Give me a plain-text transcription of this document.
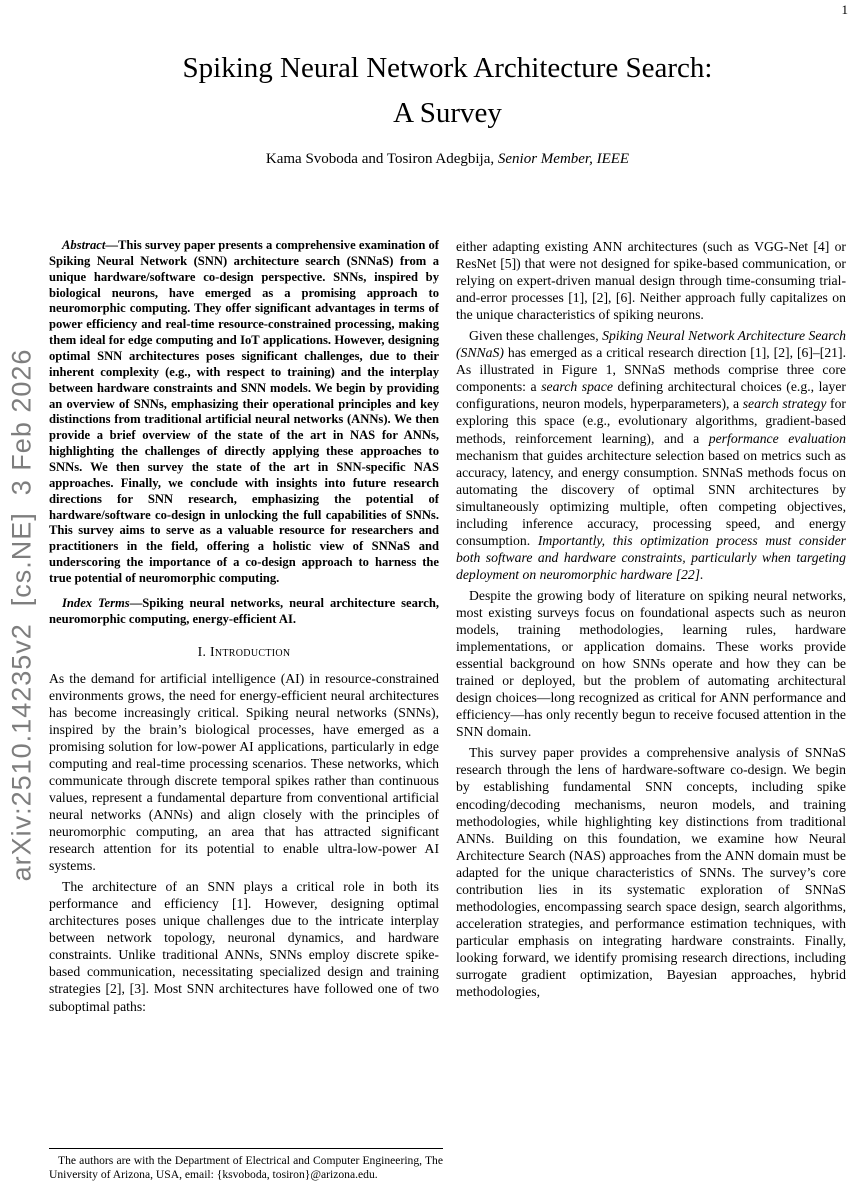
arXiv:2510.14235v2  [cs.NE]  3 Feb 2026
1
Spiking Neural Network Architecture Search:
A Survey
Kama Svoboda and Tosiron Adegbija, Senior Member, IEEE

Abstract—This survey paper presents a comprehensive examination of Spiking Neural Network (SNN) architecture search (SNNaS) from a unique hardware/software co-design perspective. SNNs, inspired by biological neurons, have emerged as a promising approach to neuromorphic computing. They offer significant advantages in terms of power efficiency and real-time resource-constrained processing, making them ideal for edge computing and IoT applications. However, designing optimal SNN architectures poses significant challenges, due to their inherent complexity (e.g., with respect to training) and the interplay between hardware constraints and SNN models. We begin by providing an overview of SNNs, emphasizing their operational principles and key distinctions from traditional artificial neural networks (ANNs). We then provide a brief overview of the state of the art in NAS for ANNs, highlighting the challenges of directly applying these approaches to SNNs. We then survey the state of the art in SNN-specific NAS approaches. Finally, we conclude with insights into future research directions for SNN research, emphasizing the potential of hardware/software co-design in unlocking the full capabilities of SNNs. This survey aims to serve as a valuable resource for researchers and practitioners in the field, offering a holistic view of SNNaS and underscoring the importance of a co-design approach to harness the true potential of neuromorphic computing.

Index Terms—Spiking neural networks, neural architecture search, neuromorphic computing, energy-efficient AI.

I. Introduction

As the demand for artificial intelligence (AI) in resource-constrained environments grows, the need for energy-efficient neural architectures has become increasingly critical. Spiking neural networks (SNNs), inspired by the brain’s biological processes, have emerged as a promising solution for low-power AI applications, particularly in edge computing and real-time processing scenarios. These networks, which communicate through discrete temporal spikes rather than continuous values, represent a fundamental departure from conventional artificial neural networks (ANNs) and align closely with the principles of neuromorphic computing, an area that has attracted significant research attention for its potential to enable ultra-low-power AI systems.

The architecture of an SNN plays a critical role in both its performance and efficiency [1]. However, designing optimal architectures poses unique challenges due to the intricate interplay between network topology, neuronal dynamics, and hardware constraints. Unlike traditional ANNs, SNNs employ discrete spike-based communication, necessitating specialized design and training strategies [2], [3]. Most SNN architectures have followed one of two suboptimal paths:

either adapting existing ANN architectures (such as VGG-Net [4] or ResNet [5]) that were not designed for spike-based communication, or relying on expert-driven manual design through time-consuming trial-and-error processes [1], [2], [6]. Neither approach fully capitalizes on the unique characteristics of spiking neurons.

Given these challenges, Spiking Neural Network Architecture Search (SNNaS) has emerged as a critical research direction [1], [2], [6]–[21]. As illustrated in Figure 1, SNNaS methods comprise three core components: a search space defining architectural choices (e.g., layer configurations, neuron models, hyperparameters), a search strategy for exploring this space (e.g., evolutionary algorithms, gradient-based methods, reinforcement learning), and a performance evaluation mechanism that guides architecture selection based on metrics such as accuracy, latency, and energy consumption. SNNaS methods focus on automating the discovery of optimal SNN architectures by simultaneously optimizing multiple, often competing objectives, including inference accuracy, processing speed, and energy consumption. Importantly, this optimization process must consider both software and hardware constraints, particularly when targeting deployment on neuromorphic hardware [22].

Despite the growing body of literature on spiking neural networks, most existing surveys focus on foundational aspects such as neuron models, training methodologies, learning rules, hardware implementations, or application domains. These works provide essential background on how SNNs operate and how they can be trained or deployed, but the problem of automating architectural design choices—long recognized as critical for ANN performance and efficiency—has only recently begun to receive focused attention in the SNN domain.

This survey paper provides a comprehensive analysis of SNNaS research through the lens of hardware-software co-design. We begin by establishing fundamental SNN concepts, including spike encoding/decoding mechanisms, neuron models, and training methodologies, while highlighting key distinctions from traditional ANNs. Building on this foundation, we examine how Neural Architecture Search (NAS) approaches from the ANN domain must be adapted for the unique characteristics of SNNs. The survey’s core contribution lies in its systematic exploration of SNNaS methodologies, encompassing search space design, search algorithms, acceleration strategies, and performance estimation techniques, with particular emphasis on integrating hardware constraints. Finally, looking forward, we identify promising research directions, including surrogate gradient optimization, Bayesian approaches, hybrid methodologies,

The authors are with the Department of Electrical and Computer Engineering, The University of Arizona, USA, email: {ksvoboda, tosiron}@arizona.edu.
